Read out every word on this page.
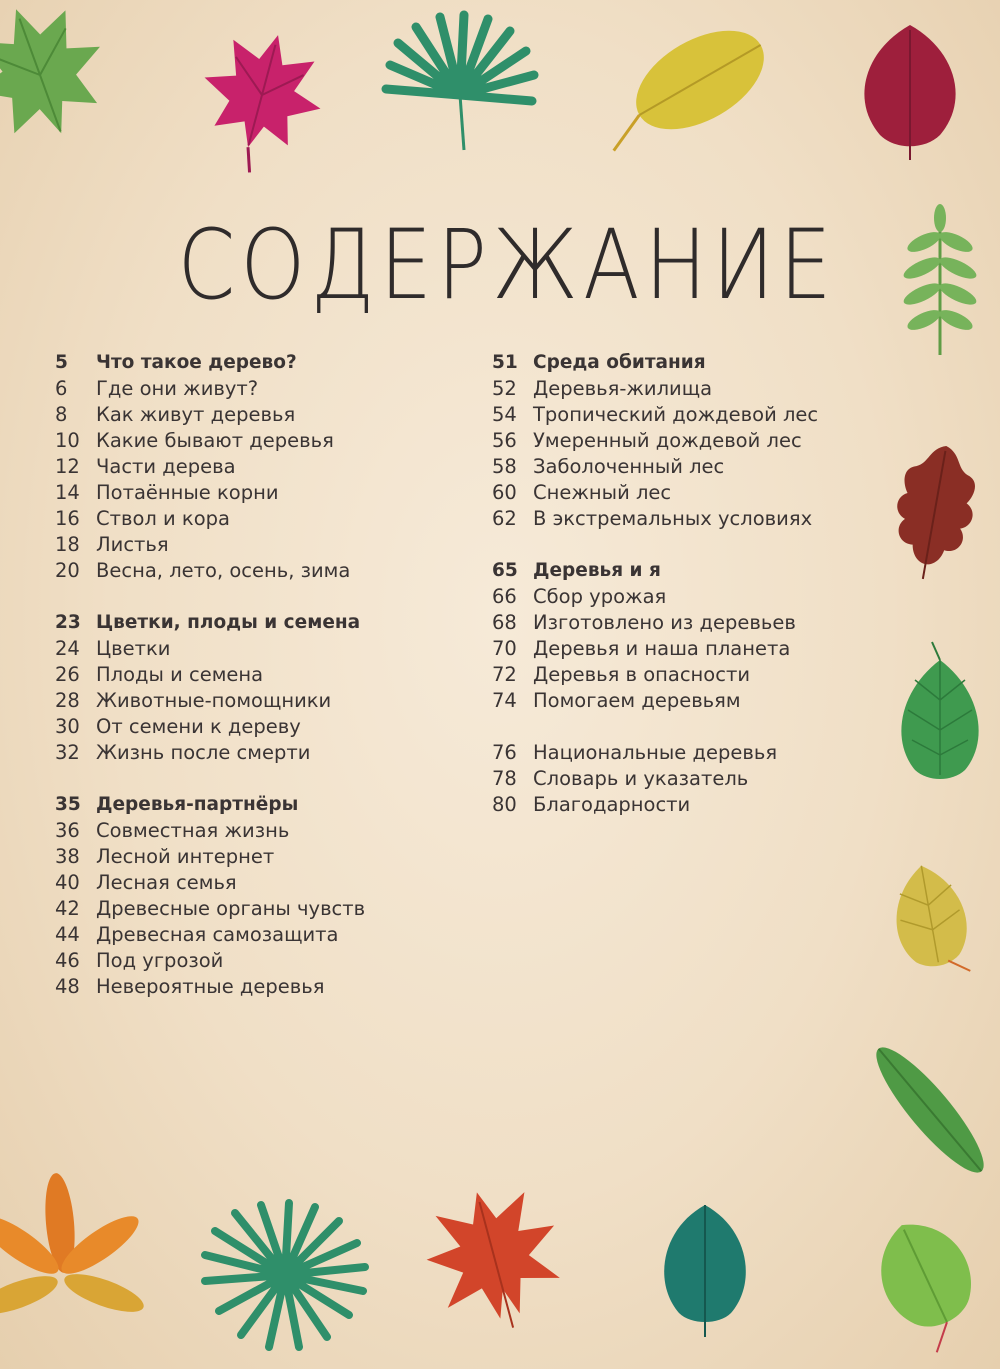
СОДЕРЖАНИЕ
5	Что такое дерево?
6	Где они живут?
8	Как живут деревья
10 Какие бывают деревья
12 Части дерева
14 Потаённые корни
16 Ствол и кора
18 Листья
20 Весна, лето, осень, зима
23 Цветки, плоды и семена
24 Цветки
26 Плоды и семена
28 Животные-помощники
30 От семени к дереву
32 Жизнь после смерти
35 Деревья-партнёры
36 Совместная жизнь
38 Лесной интернет
40 Лесная семья
42 Древесные органы чувств
44 Древесная самозащита
46 Под угрозой
48 Невероятные деревья
51 Среда обитания
52 Деревья-жилища
54 Тропический дождевой лес
56 Умеренный дождевой лес
58 Заболоченный лес
60 Снежный лес
62 В экстремальных условиях
65 Деревья и я
66 Сбор урожая
68 Изготовлено из деревьев
70 Деревья и наша планета
72 Деревья в опасности
74 Помогаем деревьям
76 Национальные деревья
78 Словарь и указатель
80 Благодарности
